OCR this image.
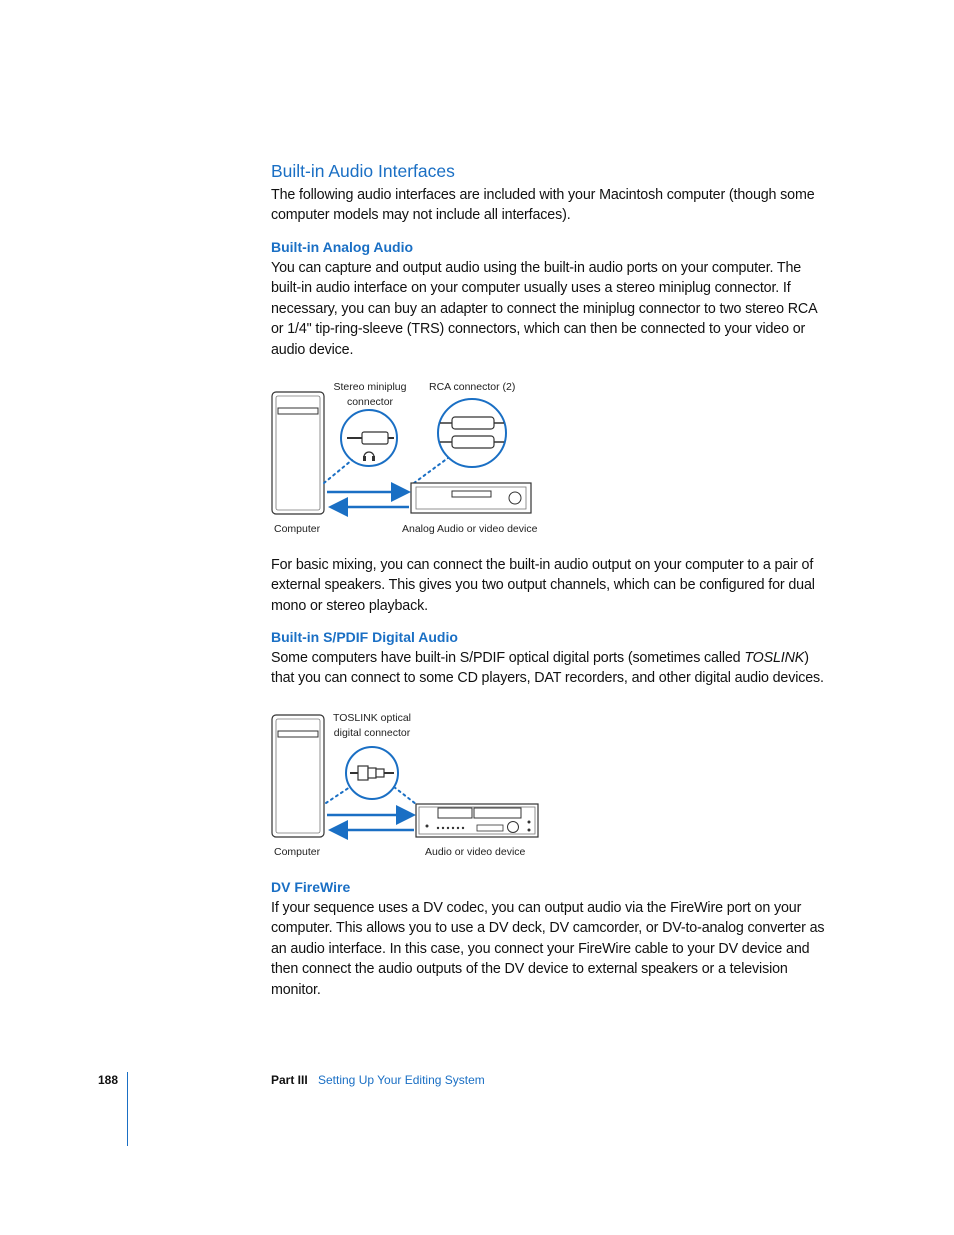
Built-in Audio Interfaces

The following audio interfaces are included with your Macintosh computer (though some computer models may not include all interfaces).

Built-in Analog Audio

You can capture and output audio using the built-in audio ports on your computer. The built-in audio interface on your computer usually uses a stereo miniplug connector. If necessary, you can buy an adapter to connect the miniplug connector to two stereo RCA or 1/4" tip-ring-sleeve (TRS) connectors, which can then be connected to your video or audio device.

Stereo miniplug
connector
RCA connector (2)
Computer	Analog Audio or video device

For basic mixing, you can connect the built-in audio output on your computer to a pair of external speakers. This gives you two output channels, which can be configured for dual mono or stereo playback.

Built-in S/PDIF Digital Audio

Some computers have built-in S/PDIF optical digital ports (sometimes called TOSLINK) that you can connect to some CD players, DAT recorders, and other digital audio devices.

TOSLINK optical
digital connector
Computer	Audio or video device
DV FireWire

If your sequence uses a DV codec, you can output audio via the FireWire port on your computer. This allows you to use a DV deck, DV camcorder, or DV-to-analog converter as an audio interface. In this case, you connect your FireWire cable to your DV device and then connect the audio outputs of the DV device to external speakers or a television monitor.

188	Part III Setting Up Your Editing System
